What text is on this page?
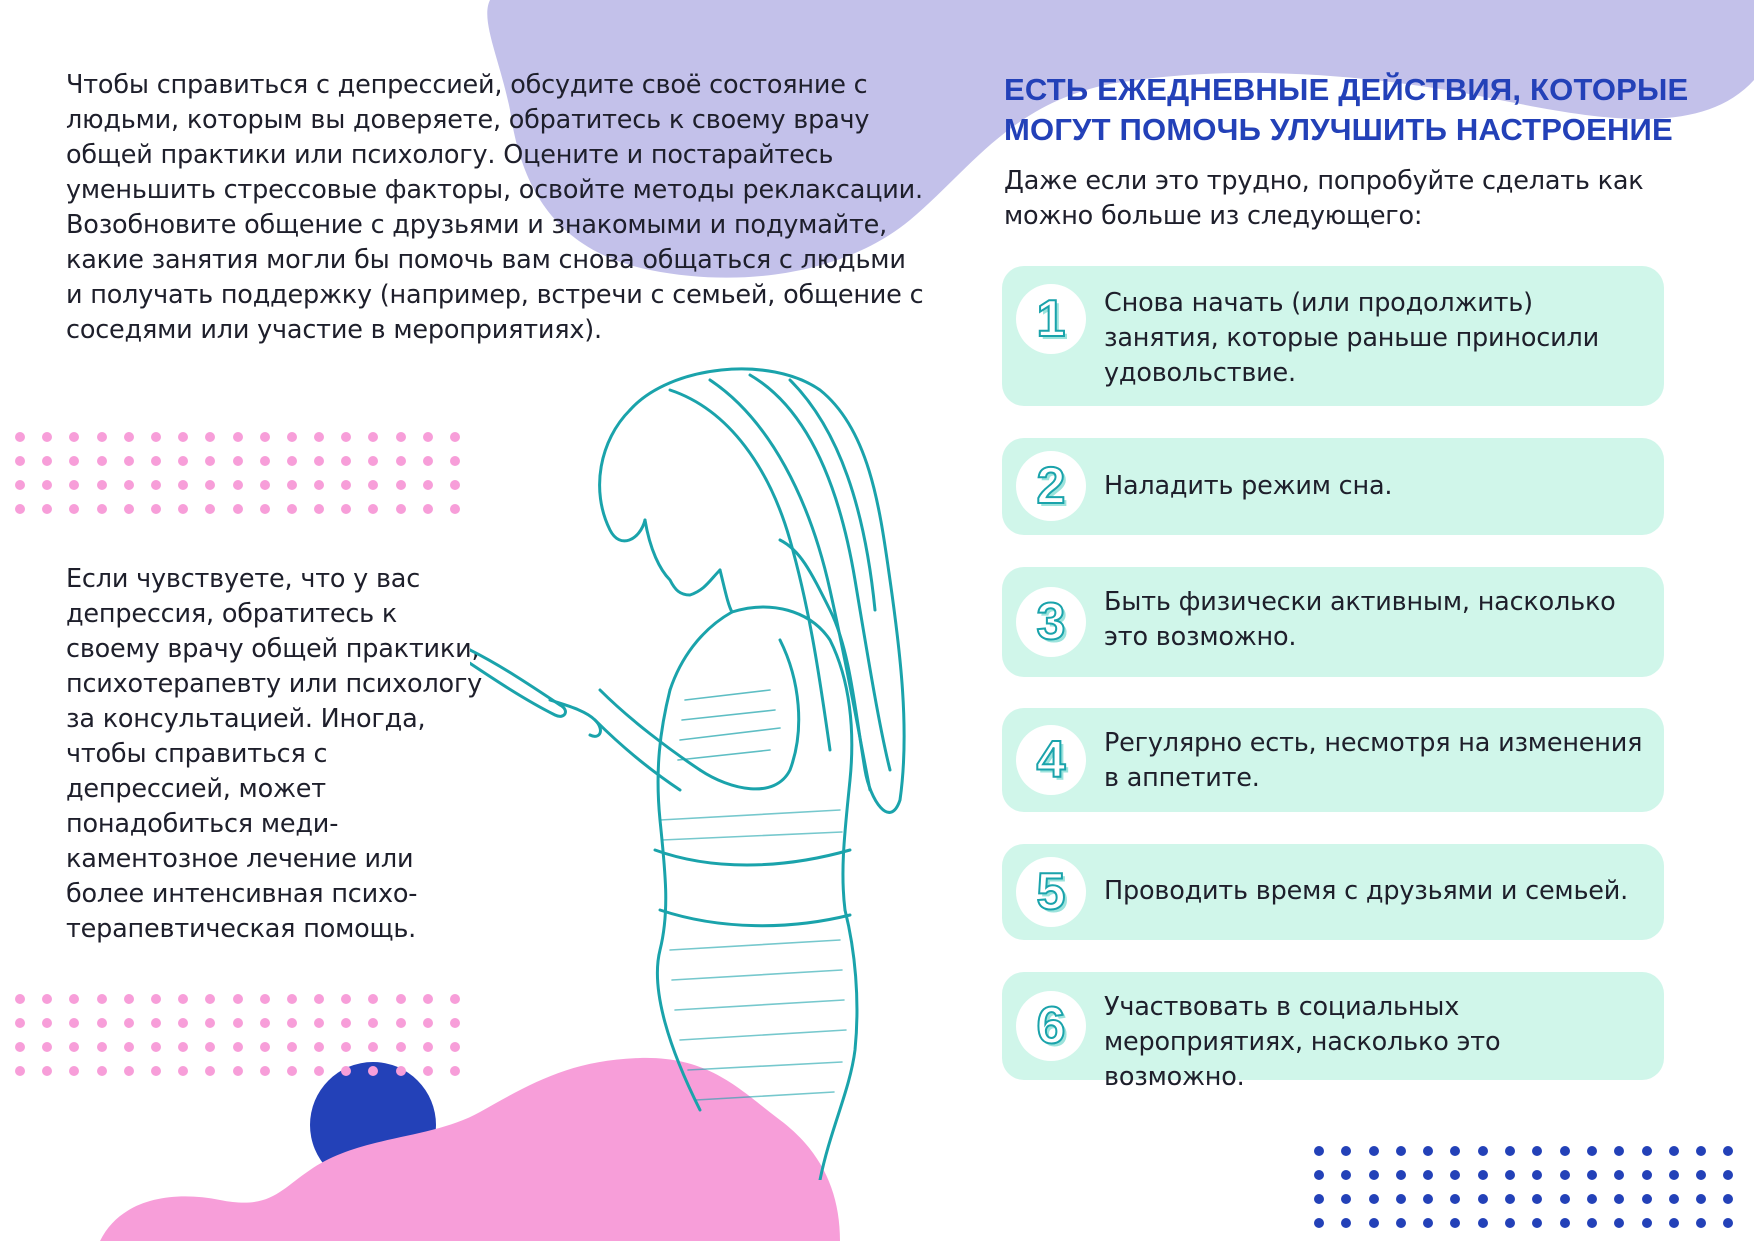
Чтобы справиться с депрессией, обсудите своё состояние с людьми, которым вы доверяете, обратитесь к своему врачу общей практики или психологу. Оцените и постарайтесь уменьшить стрессовые факторы, освойте методы реклаксации. Возобновите общение с друзьями и знакомыми и подумайте, какие занятия могли бы помочь вам снова общаться с людьми и получать поддержку (например, встречи с семьей, общение с соседями или участие в мероприятиях).
Если чувствуете, что у вас депрессия, обратитесь к своему врачу общей практики, психотерапевту или психологу за консультацией. Иногда, чтобы справиться с депрессией, может понадобиться медикаментозное лечение или более интенсивная психотерапевтическая помощь.
ЕСТЬ ЕЖЕДНЕВНЫЕ ДЕЙСТВИЯ, КОТОРЫЕ МОГУТ ПОМОЧЬ УЛУЧШИТЬ НАСТРОЕНИЕ
Даже если это трудно, попробуйте сделать как можно больше из следующего:
1	Снова начать (или продолжить) занятия, которые раньше приносили удовольствие.
2	Наладить режим сна.
3	Быть физически активным, насколько это возможно.
4	Регулярно есть, несмотря на изменения в аппетите.
5	Проводить время с друзьями и семьей.
6	Участвовать в социальных мероприятиях, насколько это возможно.
